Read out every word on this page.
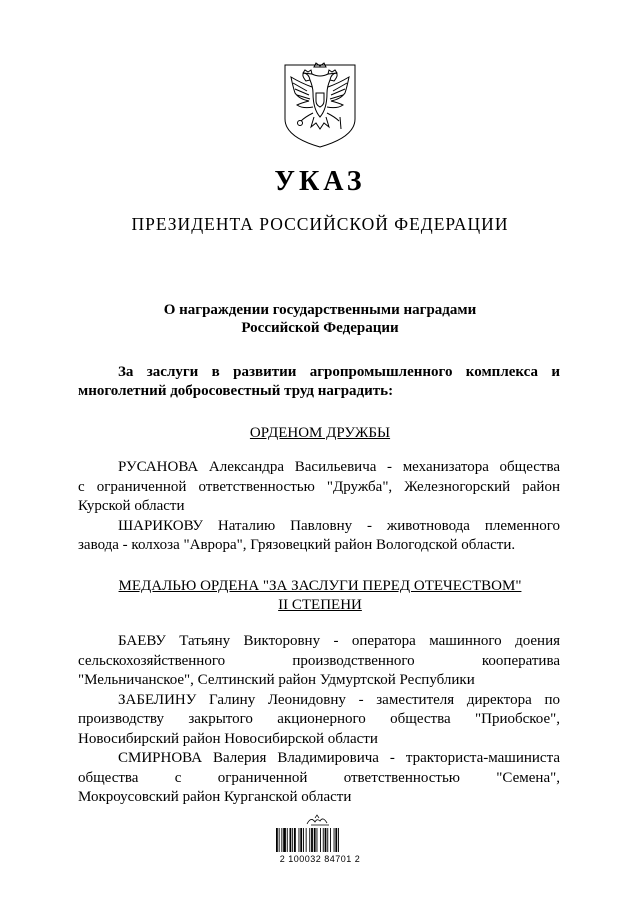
УКАЗ
ПРЕЗИДЕНТА РОССИЙСКОЙ ФЕДЕРАЦИИ
О награждении государственными наградами
Российской Федерации
За заслуги в развитии агропромышленного комплекса и
многолетний добросовестный труд наградить:
ОРДЕНОМ ДРУЖБЫ
РУСАНОВА Александра Васильевича - механизатора общества
с ограниченной ответственностью "Дружба", Железногорский район
Курской области
ШАРИКОВУ Наталию Павловну - животновода племенного
завода - колхоза "Аврора", Грязовецкий район Вологодской области.
МЕДАЛЬЮ ОРДЕНА "ЗА ЗАСЛУГИ ПЕРЕД ОТЕЧЕСТВОМ"
II СТЕПЕНИ
БАЕВУ Татьяну Викторовну - оператора машинного доения
сельскохозяйственного производственного кооператива
"Мельничанское", Селтинский район Удмуртской Республики
ЗАБЕЛИНУ Галину Леонидовну - заместителя директора по
производству закрытого акционерного общества "Приобское",
Новосибирский район Новосибирской области
СМИРНОВА Валерия Владимировича - тракториста-машиниста
общества с ограниченной ответственностью "Семена",
Мокроусовский район Курганской области
2 100032 84701 2
